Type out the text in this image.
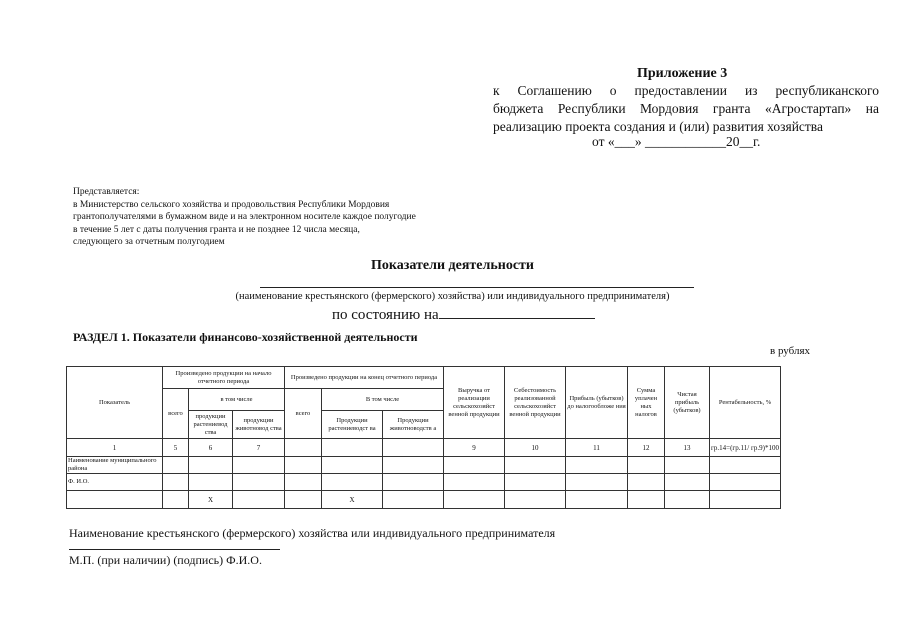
Приложение 3
к Соглашению о предоставлении из республиканского
бюджета Республики Мордовия гранта «Агростартап» на
реализацию проекта создания и (или) развития хозяйства
от «___» ____________20__г.
Представляется:
в Министерство сельского хозяйства и продовольствия Республики Мордовия
грантополучателями в бумажном виде и на электронном носителе каждое полугодие
в течение 5 лет с даты получения гранта и не позднее 12 числа месяца,
следующего за отчетным полугодием
Показатели деятельности
(наименование крестьянского (фермерского) хозяйства) или индивидуального предпринимателя)
по состоянию на
РАЗДЕЛ 1. Показатели финансово-хозяйственной деятельности
в рублях
Показатель	Произведено продукции на начало отчетного периода			Произведено продукции на конец отчетного периода			Выручка от реализации сельскохозяйст венной продукции	Себестоимость реализованной сельскохозяйст венной продукции	Прибыль (убытков) до налогообложе ния	Сумма уплачен ных налогов	Чистая прибыль (убытков)	Рентабельность, %
	всего	в том числе		всего	В том числе							
		продукции растениевод ства	продукции животновод ства		Продукции растениеводст ва	Продукции животноводств а						
1	5	6	7				9	10	11	12	13	гр.14=(гр.11/ гр.9)*100
Наименование муниципального района												
Ф. И.О.												
		Х			Х							
Наименование крестьянского (фермерского) хозяйства или индивидуального предпринимателя
М.П. (при наличии) (подпись) Ф.И.О.
